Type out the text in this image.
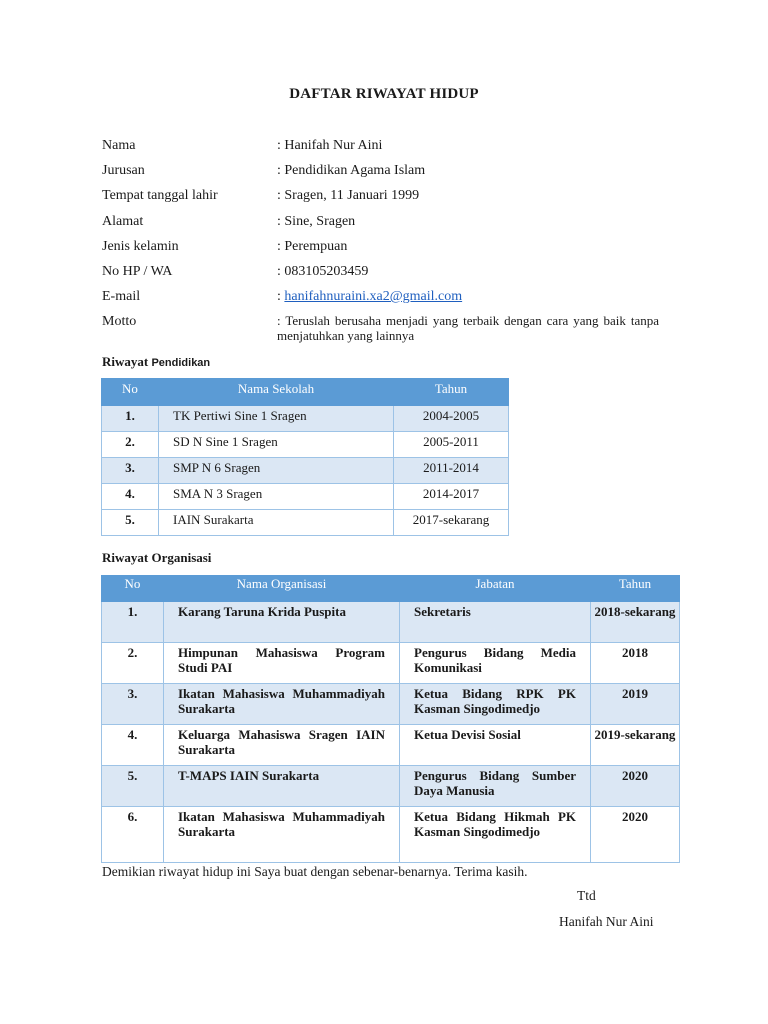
DAFTAR RIWAYAT HIDUP
Nama	: Hanifah Nur Aini
Jurusan	: Pendidikan Agama Islam
Tempat tanggal lahir	: Sragen, 11 Januari 1999
Alamat	: Sine, Sragen
Jenis kelamin	: Perempuan
No HP / WA	: 083105203459
E-mail	: hanifahnuraini.xa2@gmail.com
Motto	: Teruslah berusaha menjadi yang terbaik dengan cara yang baik tanpa menjatuhkan yang lainnya
Riwayat Pendidikan
No	Nama Sekolah	Tahun
1.	TK Pertiwi Sine 1 Sragen	2004-2005
2.	SD N Sine 1 Sragen	2005-2011
3.	SMP N 6 Sragen	2011-2014
4.	SMA N 3 Sragen	2014-2017
5.	IAIN Surakarta	2017-sekarang
Riwayat Organisasi
No	Nama Organisasi	Jabatan	Tahun
1.	Karang Taruna Krida Puspita	Sekretaris	2018-sekarang
2.	Himpunan Mahasiswa Program Studi PAI	Pengurus Bidang Media Komunikasi	2018
3.	Ikatan Mahasiswa Muhammadiyah Surakarta	Ketua Bidang RPK PK Kasman Singodimedjo	2019
4.	Keluarga Mahasiswa Sragen IAIN Surakarta	Ketua Devisi Sosial	2019-sekarang
5.	T-MAPS IAIN Surakarta	Pengurus Bidang Sumber Daya Manusia	2020
6.	Ikatan Mahasiswa Muhammadiyah Surakarta	Ketua Bidang Hikmah PK Kasman Singodimedjo	2020
Demikian riwayat hidup ini Saya buat dengan sebenar-benarnya. Terima kasih.
Ttd
Hanifah Nur Aini
